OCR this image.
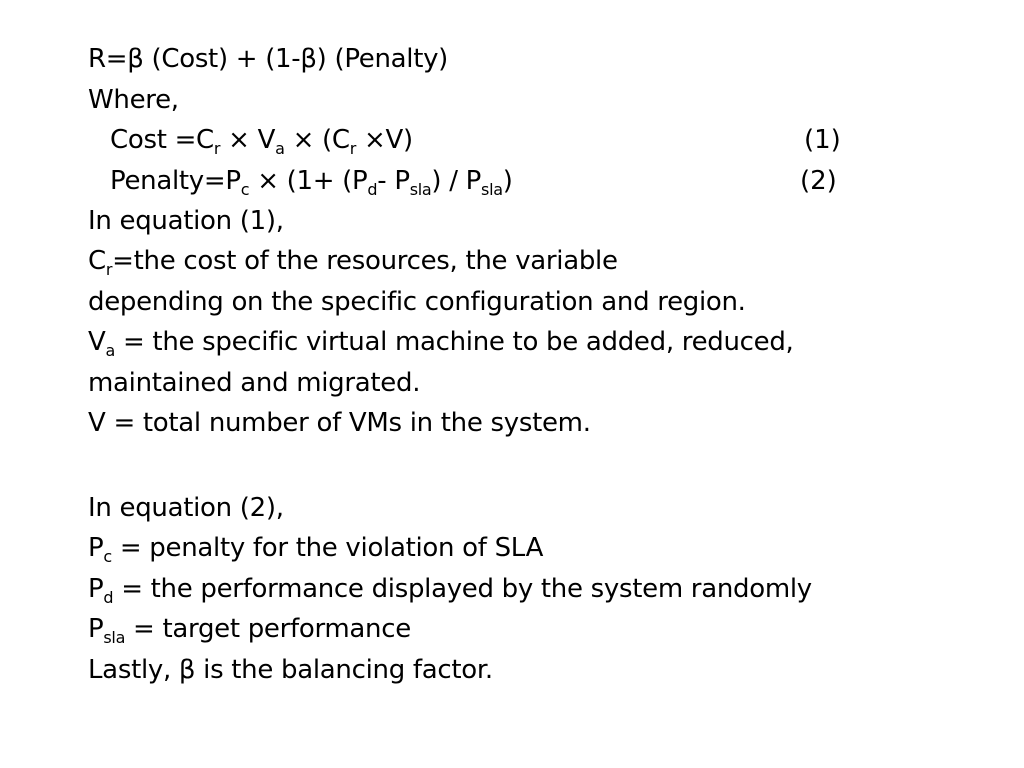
R=β (Cost) + (1-β) (Penalty)
Where,
Cost $=C_r \times V_a \times (C_r \times V)$	(1)
$Penalty=P_c \times (1+ (P_d-$ $P_{sla}) / P_{sla}$)	(2)
In equation (1),
$C_r=the$ cost of the resources, the variable
depending on the specific configuration and region.
$V_a$ = the specific virtual machine to be added, reduced,
maintained and migrated.
V = total number of VMs in the system.
In equation (2),
$P_c$ = penalty for the violation of SLA
$P_d$ = the performance displayed by the system randomly
$P_{sla}$ = target performance
Lastly, β is the balancing factor.
